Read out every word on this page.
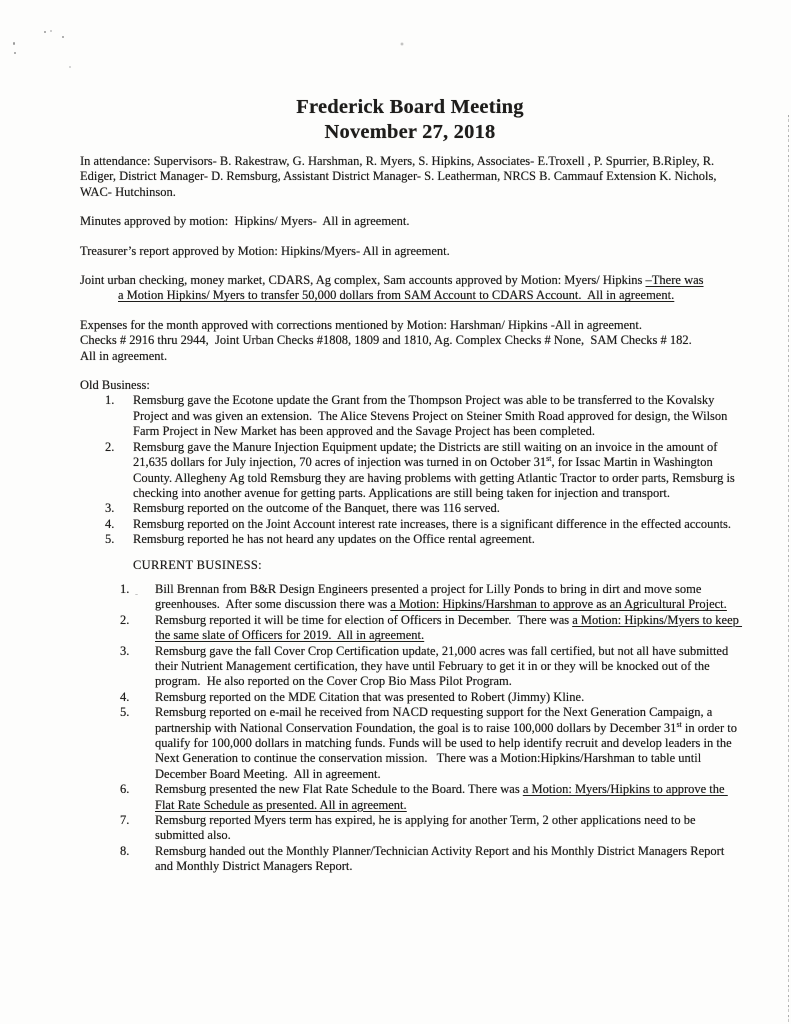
Frederick Board Meeting
November 27, 2018

In attendance: Supervisors- B. Rakestraw, G. Harshman, R. Myers, S. Hipkins, Associates- E.Troxell , P. Spurrier, B.Ripley, R. Ediger, District Manager- D. Remsburg, Assistant District Manager- S. Leatherman, NRCS B. Cammauf Extension K. Nichols, WAC- Hutchinson.

Minutes approved by motion:  Hipkins/ Myers-  All in agreement.

Treasurer’s report approved by Motion: Hipkins/Myers- All in agreement.

Joint urban checking, money market, CDARS, Ag complex, Sam accounts approved by Motion: Myers/ Hipkins –There was
a Motion Hipkins/ Myers to transfer 50,000 dollars from SAM Account to CDARS Account.  All in agreement.

Expenses for the month approved with corrections mentioned by Motion: Harshman/ Hipkins -All in agreement.
Checks # 2916 thru 2944,  Joint Urban Checks #1808, 1809 and 1810, Ag. Complex Checks # None,  SAM Checks # 182.
All in agreement.

Old Business:
1.	Remsburg gave the Ecotone update the Grant from the Thompson Project was able to be transferred to the Kovalsky Project and was given an extension.  The Alice Stevens Project on Steiner Smith Road approved for design, the Wilson Farm Project in New Market has been approved and the Savage Project has been completed.
2.	Remsburg gave the Manure Injection Equipment update; the Districts are still waiting on an invoice in the amount of 21,635 dollars for July injection, 70 acres of injection was turned in on October 31st, for Issac Martin in Washington County. Allegheny Ag told Remsburg they are having problems with getting Atlantic Tractor to order parts, Remsburg is checking into another avenue for getting parts. Applications are still being taken for injection and transport.
3.	Remsburg reported on the outcome of the Banquet, there was 116 served.
4.	Remsburg reported on the Joint Account interest rate increases, there is a significant difference in the effected accounts.
5.	Remsburg reported he has not heard any updates on the Office rental agreement.
CURRENT BUSINESS:
1.	Bill Brennan from B&R Design Engineers presented a project for Lilly Ponds to bring in dirt and move some greenhouses.  After some discussion there was a Motion: Hipkins/Harshman to approve as an Agricultural Project.
2.	Remsburg reported it will be time for election of Officers in December.  There was a Motion: Hipkins/Myers to keep the same slate of Officers for 2019.  All in agreement.
3.	Remsburg gave the fall Cover Crop Certification update, 21,000 acres was fall certified, but not all have submitted their Nutrient Management certification, they have until February to get it in or they will be knocked out of the program.  He also reported on the Cover Crop Bio Mass Pilot Program.
4.	Remsburg reported on the MDE Citation that was presented to Robert (Jimmy) Kline.
5.	Remsburg reported on e-mail he received from NACD requesting support for the Next Generation Campaign, a partnership with National Conservation Foundation, the goal is to raise 100,000 dollars by December 31st in order to qualify for 100,000 dollars in matching funds. Funds will be used to help identify recruit and develop leaders in the Next Generation to continue the conservation mission.   There was a Motion:Hipkins/Harshman to table until December Board Meeting.  All in agreement.
6.	Remsburg presented the new Flat Rate Schedule to the Board. There was a Motion: Myers/Hipkins to approve the Flat Rate Schedule as presented. All in agreement.
7.	Remsburg reported Myers term has expired, he is applying for another Term, 2 other applications need to be submitted also.
8.	Remsburg handed out the Monthly Planner/Technician Activity Report and his Monthly District Managers Report and Monthly District Managers Report.
